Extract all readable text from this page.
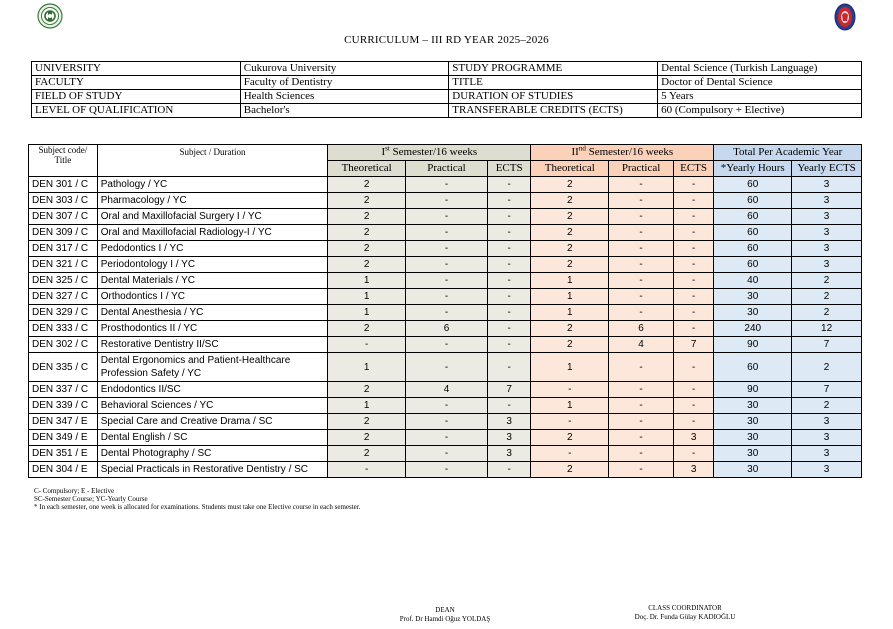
CURRICULUM – III RD YEAR 2025–2026
UNIVERSITY	Cukurova University	STUDY PROGRAMME	Dental Science (Turkish Language)
FACULTY	Faculty of Dentistry	TITLE	Doctor of Dental Science
FIELD OF STUDY	Health Sciences	DURATION OF STUDIES	5 Years
LEVEL OF QUALIFICATION	Bachelor's	TRANSFERABLE CREDITS (ECTS)	60 (Compulsory + Elective)
Subject code/ Title	Subject / Duration	Ist Semester/16 weeks			IInd Semester/16 weeks			Total Per Academic Year	
		Theoretical	Practical	ECTS	Theoretical	Practical	ECTS	*Yearly Hours	Yearly ECTS
DEN 301 / C	Pathology / YC	2	-	-	2	-	-	60	3
DEN 303 / C	Pharmacology / YC	2	-	-	2	-	-	60	3
DEN 307 / C	Oral and Maxillofacial Surgery I / YC	2	-	-	2	-	-	60	3
DEN 309 / C	Oral and Maxillofacial Radiology-I / YC	2	-	-	2	-	-	60	3
DEN 317 / C	Pedodontics I / YC	2	-	-	2	-	-	60	3
DEN 321 / C	Periodontology I / YC	2	-	-	2	-	-	60	3
DEN 325 / C	Dental Materials / YC	1	-	-	1	-	-	40	2
DEN 327 / C	Orthodontics I / YC	1	-	-	1	-	-	30	2
DEN 329 / C	Dental Anesthesia / YC	1	-	-	1	-	-	30	2
DEN 333 / C	Prosthodontics II / YC	2	6	-	2	6	-	240	12
DEN 302 / C	Restorative Dentistry II/SC	-	-	-	2	4	7	90	7
DEN 335 / C	Dental Ergonomics and Patient-Healthcare Profession Safety / YC	1	-	-	1	-	-	60	2
DEN 337 / C	Endodontics II/SC	2	4	7	-	-	-	90	7
DEN 339 / C	Behavioral Sciences / YC	1	-	-	1	-	-	30	2
DEN 347 / E	Special Care and Creative Drama / SC	2	-	3	-	-	-	30	3
DEN 349 / E	Dental English / SC	2	-	3	2	-	3	30	3
DEN 351 / E	Dental Photography / SC	2	-	3	-	-	-	30	3
DEN 304 / E	Special Practicals in Restorative Dentistry / SC	-	-	-	2	-	3	30	3
C- Compulsory; E - Elective
SC-Semester Course; YC-Yearly Course
* In each semester, one week is allocated for examinations. Students must take one Elective course in each semester.
DEAN
Prof. Dr Hamdi Oğuz YOLDAŞ
CLASS COORDINATOR
Doç. Dr. Funda Gülay KADIOĞLU
